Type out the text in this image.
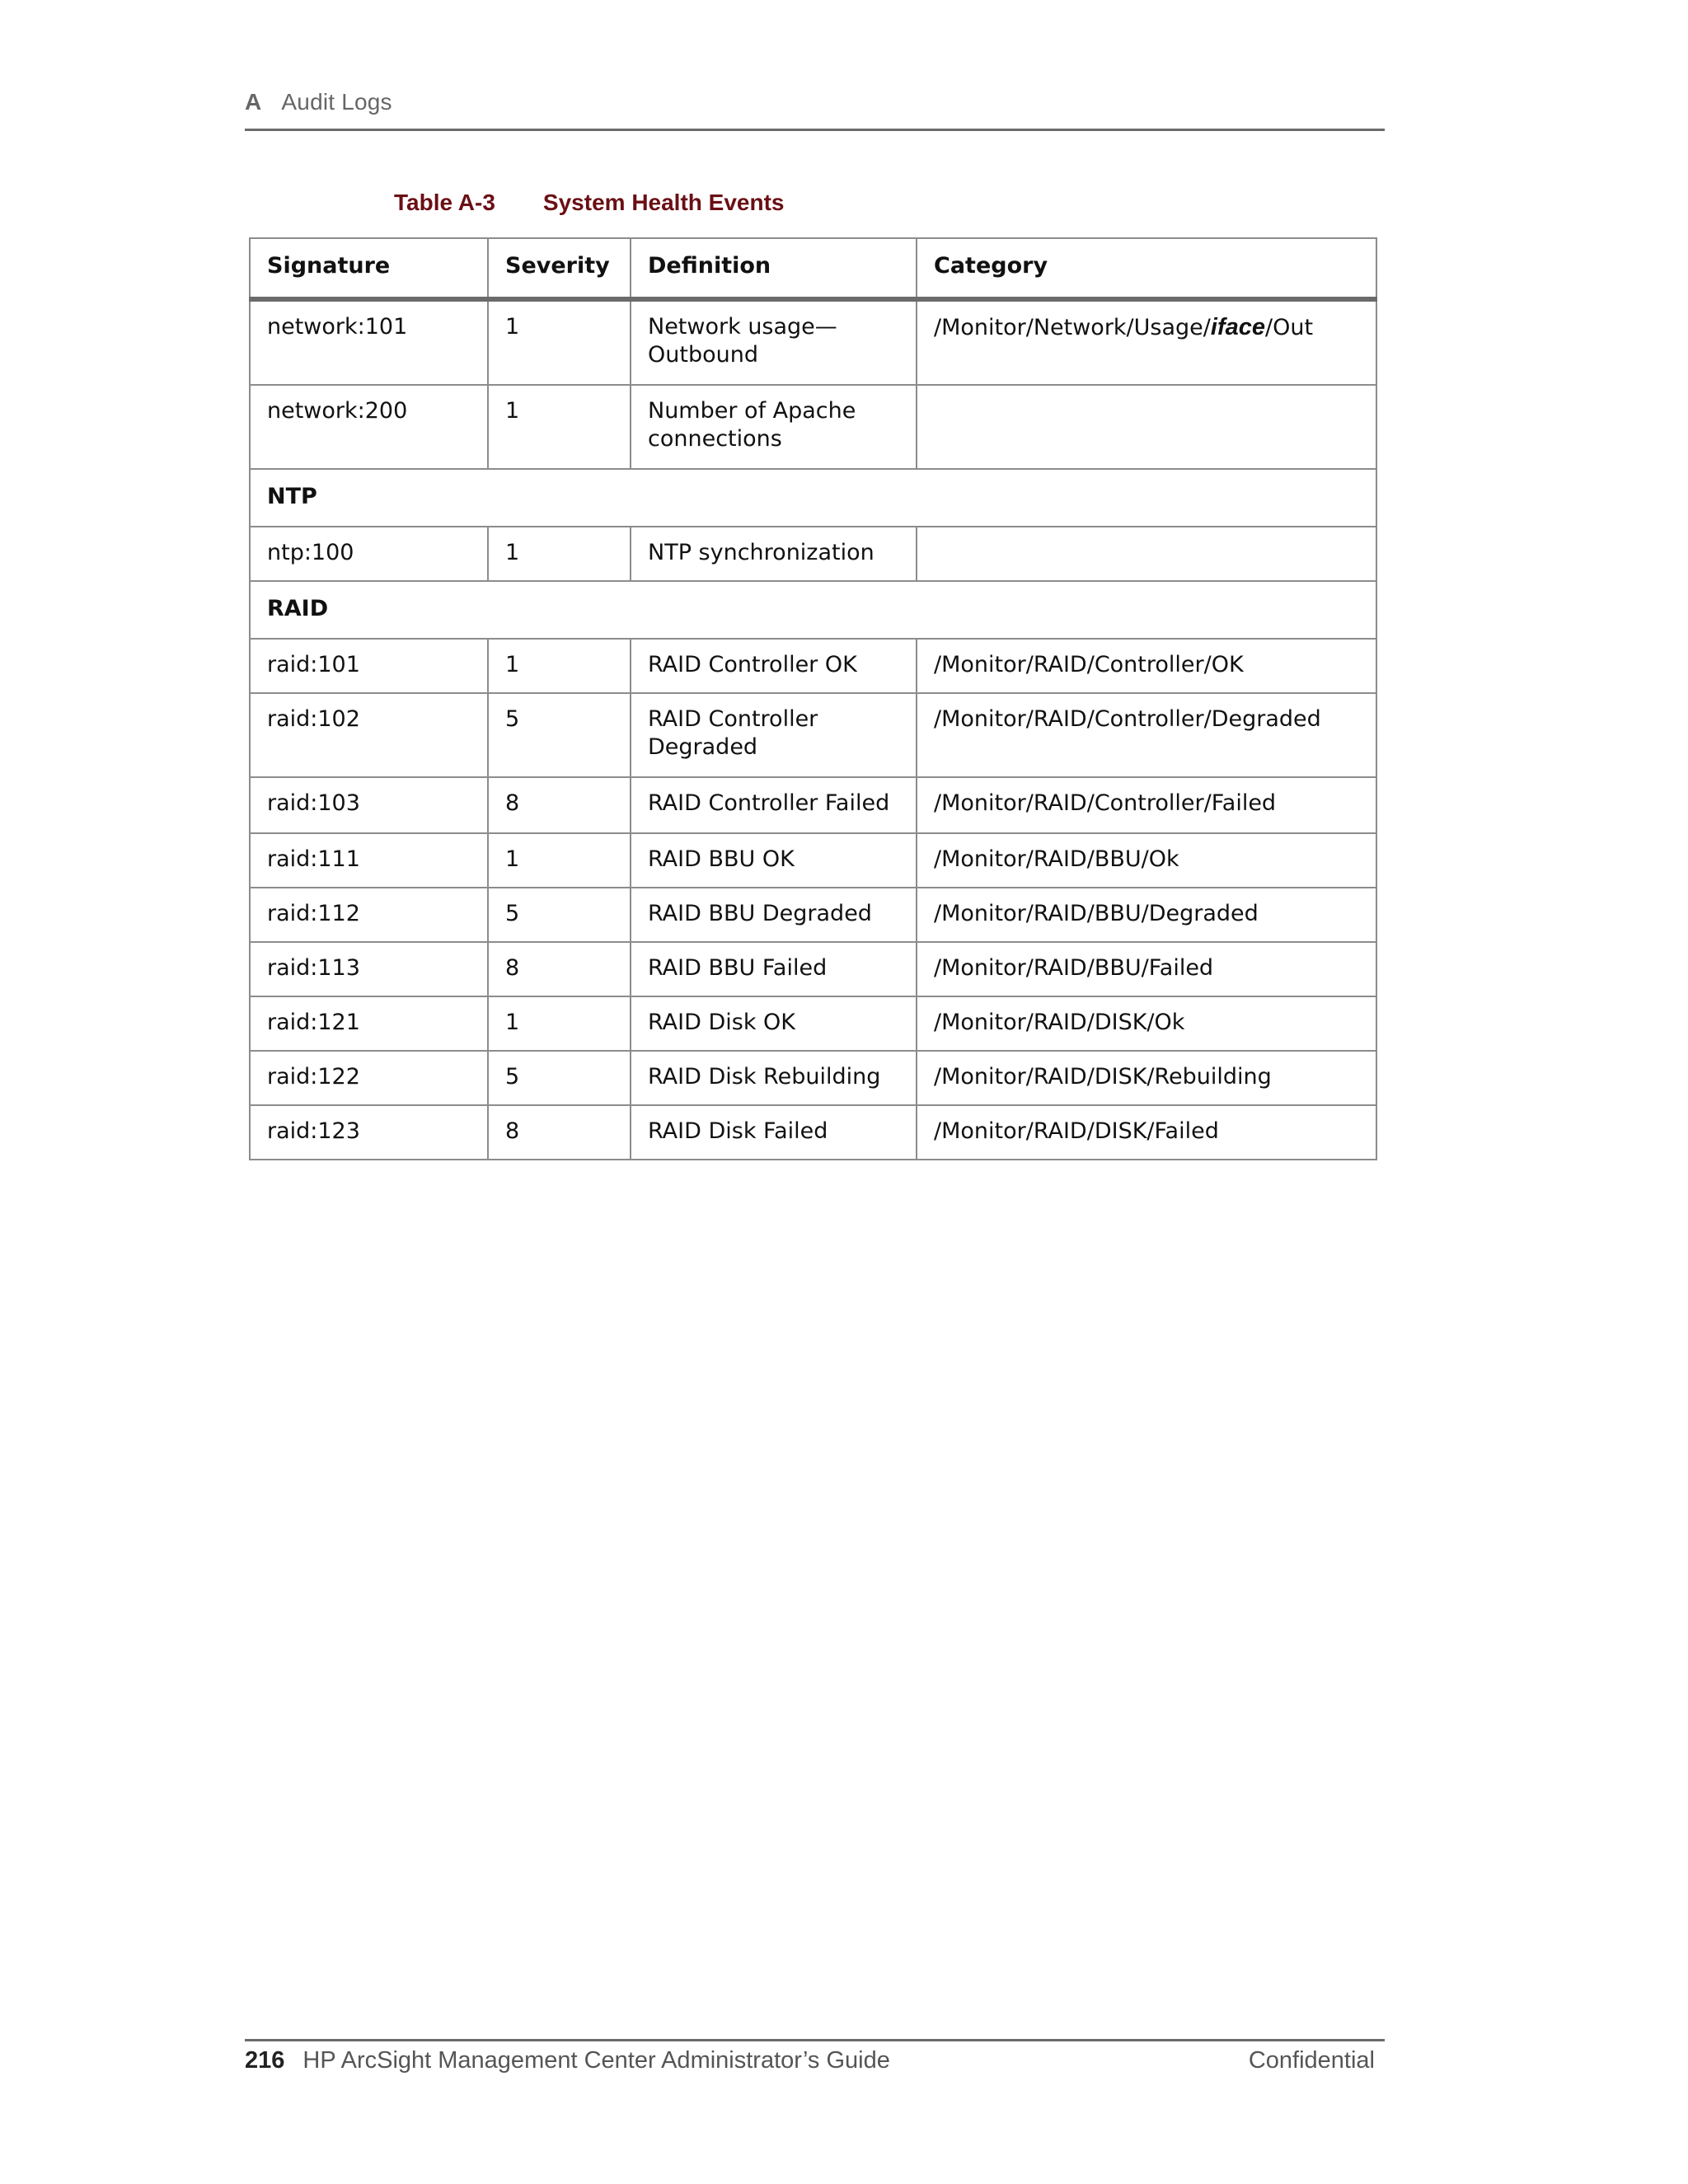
A Audit Logs
Table A-3 System Health Events
Signature	Severity	Definition	Category
network:101	1	Network usage—Outbound	/Monitor/Network/Usage/iface/Out
network:200	1	Number of Apache connections	
NTP			
ntp:100	1	NTP synchronization	
RAID			
raid:101	1	RAID Controller OK	/Monitor/RAID/Controller/OK
raid:102	5	RAID Controller Degraded	/Monitor/RAID/Controller/Degraded
raid:103	8	RAID Controller Failed	/Monitor/RAID/Controller/Failed
raid:111	1	RAID BBU OK	/Monitor/RAID/BBU/Ok
raid:112	5	RAID BBU Degraded	/Monitor/RAID/BBU/Degraded
raid:113	8	RAID BBU Failed	/Monitor/RAID/BBU/Failed
raid:121	1	RAID Disk OK	/Monitor/RAID/DISK/Ok
raid:122	5	RAID Disk Rebuilding	/Monitor/RAID/DISK/Rebuilding
raid:123	8	RAID Disk Failed	/Monitor/RAID/DISK/Failed
216 HP ArcSight Management Center Administrator’s Guide	Confidential
